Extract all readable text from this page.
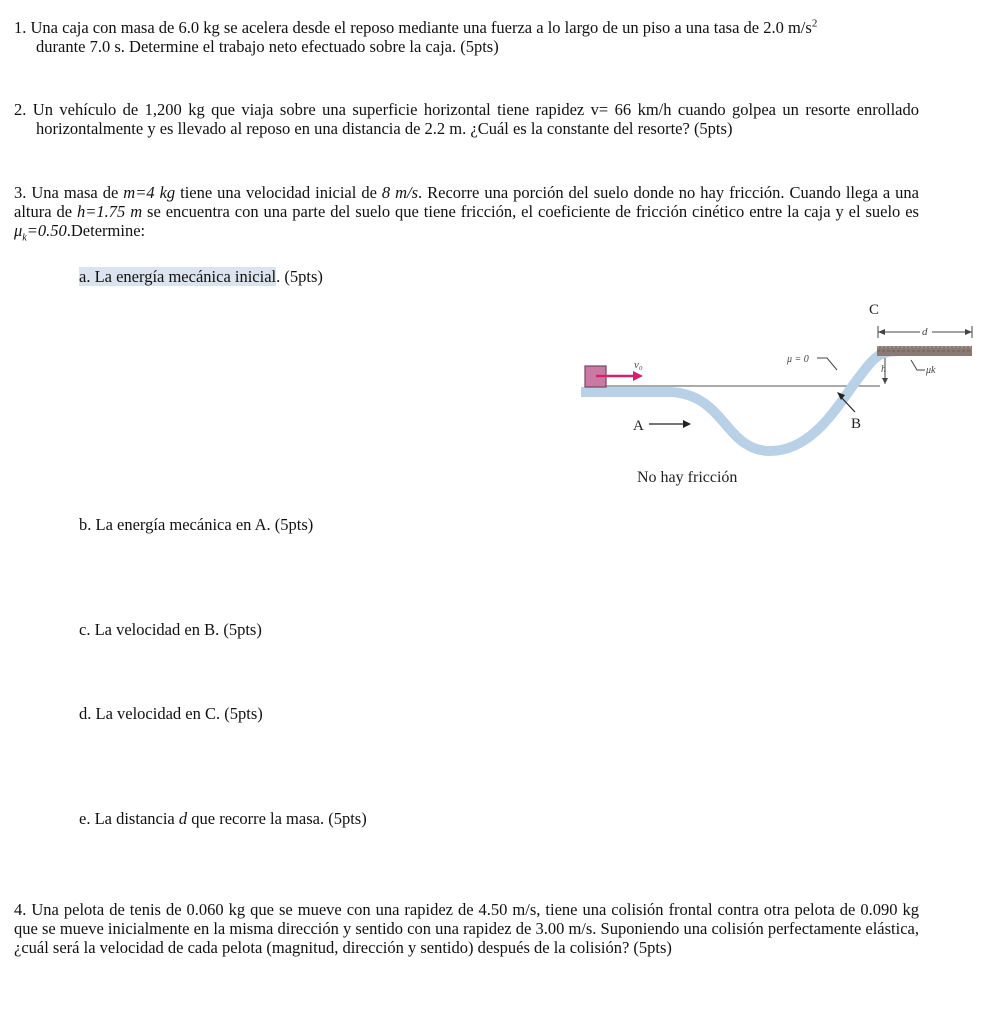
1. Una caja con masa de 6.0 kg se acelera desde el reposo mediante una fuerza a lo largo de un piso a una tasa de 2.0 $m/s^2$
durante 7.0 s. Determine el trabajo neto efectuado sobre la caja. (5pts)
2. Un vehículo de 1,200 kg que viaja sobre una superficie horizontal tiene rapidez v= 66 km/h cuando golpea un resorte enrollado horizontalmente y es llevado al reposo en una distancia de 2.2 m. ¿Cuál es la constante del resorte? (5pts)
3. Una masa de m=4 kg tiene una velocidad inicial de 8 m/s. Recorre una porción del suelo donde no hay fricción. Cuando llega a una altura de h=1.75 m se encuentra con una parte del suelo que tiene fricción, el coeficiente de fricción cinético entre la caja y el suelo es $\mu_k=0.50.Determine$:
a. La energía mecánica inicial. (5pts)
v₀	μ = 0
C
d
h	μk
A	B
No hay fricción
b. La energía mecánica en A. (5pts)
c. La velocidad en B. (5pts)
d. La velocidad en C. (5pts)
e. La distancia d que recorre la masa. (5pts)
4. Una pelota de tenis de 0.060 kg que se mueve con una rapidez de 4.50 m/s, tiene una colisión frontal contra otra pelota de 0.090 kg que se mueve inicialmente en la misma dirección y sentido con una rapidez de 3.00 m/s. Suponiendo una colisión perfectamente elástica, ¿cuál será la velocidad de cada pelota (magnitud, dirección y sentido) después de la colisión? (5pts)
